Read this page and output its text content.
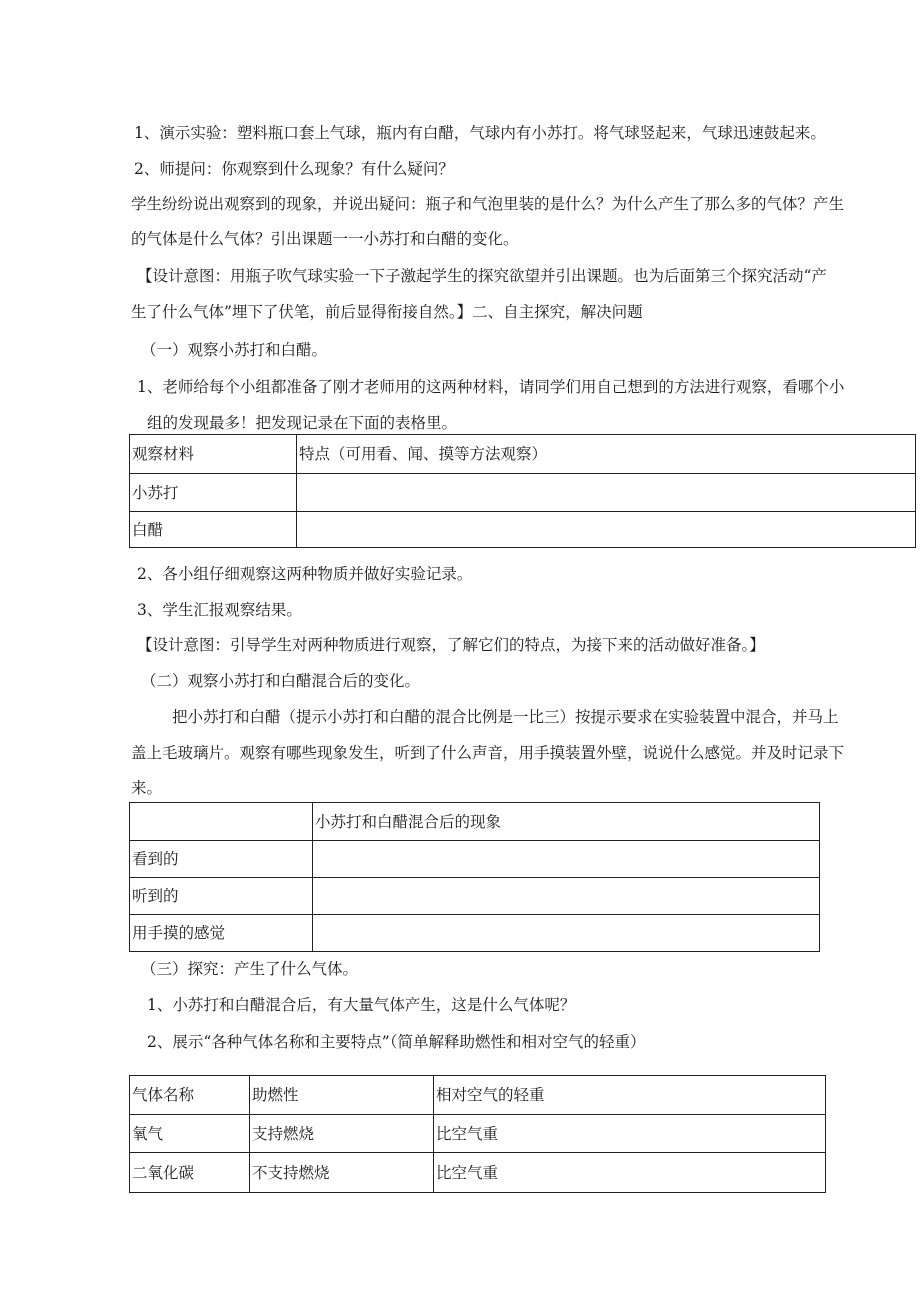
1、演示实验：塑料瓶口套上气球，瓶内有白醋，气球内有小苏打。将气球竖起来，气球迅速鼓起来。
2、师提问：你观察到什么现象？有什么疑问？
学生纷纷说出观察到的现象，并说出疑问：瓶子和气泡里装的是什么？为什么产生了那么多的气体？产生
的气体是什么气体？引出课题一一小苏打和白醋的变化。
【设计意图：用瓶子吹气球实验一下子激起学生的探究欲望并引出课题。也为后面第三个探究活动“产
生了什么气体”埋下了伏笔，前后显得衔接自然。】二、自主探究，解决问题
（一）观察小苏打和白醋。
1、老师给每个小组都准备了刚才老师用的这两种材料，请同学们用自己想到的方法进行观察，看哪个小
组的发现最多！把发现记录在下面的表格里。
观察材料	特点（可用看、闻、摸等方法观察）
小苏打	
白醋	
2、各小组仔细观察这两种物质并做好实验记录。
3、学生汇报观察结果。
【设计意图：引导学生对两种物质进行观察，了解它们的特点，为接下来的活动做好准备。】
（二）观察小苏打和白醋混合后的变化。
把小苏打和白醋（提示小苏打和白醋的混合比例是一比三）按提示要求在实验装置中混合，并马上
盖上毛玻璃片。观察有哪些现象发生，听到了什么声音，用手摸装置外壁，说说什么感觉。并及时记录下
来。
	小苏打和白醋混合后的现象
看到的	
听到的	
用手摸的感觉	
（三）探究：产生了什么气体。
1、小苏打和白醋混合后，有大量气体产生，这是什么气体呢？
2、展示“各种气体名称和主要特点”（简单解释助燃性和相对空气的轻重）
气体名称	助燃性	相对空气的轻重
氧气	支持燃烧	比空气重
二氧化碳	不支持燃烧	比空气重
